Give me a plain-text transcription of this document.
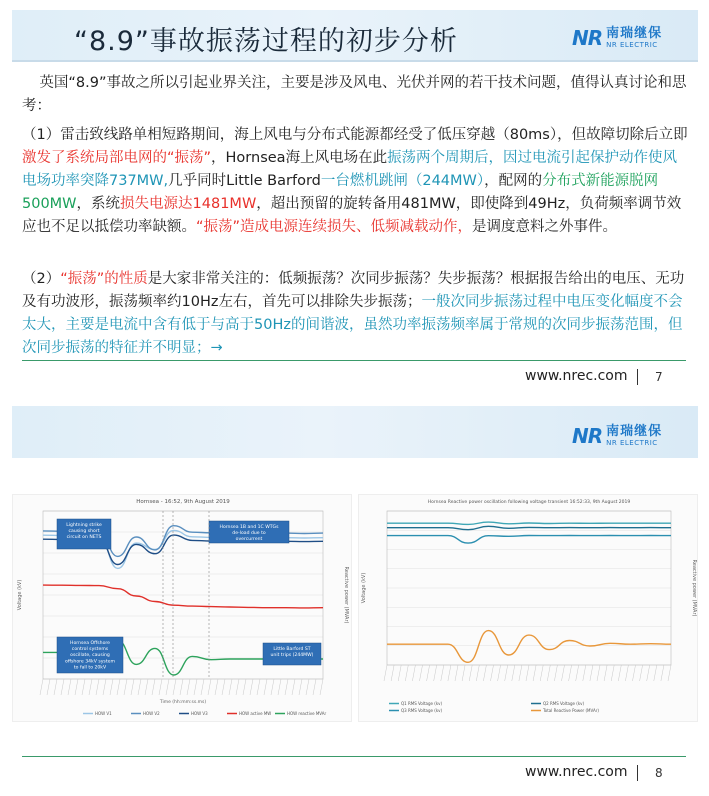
“8.9”事故振荡过程的初步分析	NR 南瑞继保
NR ELECTRIC

英国“8.9”事故之所以引起业界关注，主要是涉及风电、光伏并网的若干技术问题，值得认真讨论和思考：

（1）雷击致线路单相短路期间，海上风电与分布式能源都经受了低压穿越（80ms），但故障切除后立即激发了系统局部电网的“振荡”，Hornsea海上风电场在此振荡两个周期后，因过电流引起保护动作使风电场功率突降737MW,几乎同时Little Barford一台燃机跳闸（244MW），配网的分布式新能源脱网500MW，系统损失电源达1481MW，超出预留的旋转备用481MW，即使降到49Hz，负荷频率调节效应也不足以抵偿功率缺额。“振荡”造成电源连续损失、低频减载动作，是调度意料之外事件。

（2）“振荡”的性质是大家非常关注的：低频振荡？次同步振荡？失步振荡？根据报告给出的电压、无功及有功波形，振荡频率约10Hz左右，首先可以排除失步振荡；一般次同步振荡过程中电压变化幅度不会太大，主要是电流中含有低于与高于50Hz的间谐波，虽然功率振荡频率属于常规的次同步振荡范围，但次同步振荡的特征并不明显；→

www.nrec.com 7
NR 南瑞继保
NR ELECTRIC
Hornsea - 16:52, 9th August 2019
Voltage (kV)	Reactive power (MVAr)
Time (hh:mm:ss.ms)
HOW V1	HOW V2	HOW V3	HOW active MW	HOW reactive MVAr
Lightning strike
causing short
circuit on NETS
Hornsea 1B and 1C WTGs
de-load due to
overcurrent
Hornsea Offshore
control systems
oscillate, causing
offshore 34kV system
to fall to 20kV
Little Barford ST
unit trips (244MW)
Hornsea Reactive power oscillation following voltage transient 16:52:33, 9th August 2019
Voltage (kV)	Reactive power (MVAr)
Q1 RMS Voltage (kv)	Q2 RMS Voltage (kv)
Q3 RMS Voltage (kv)	Total Reactive Power (MVAr)
www.nrec.com 8
